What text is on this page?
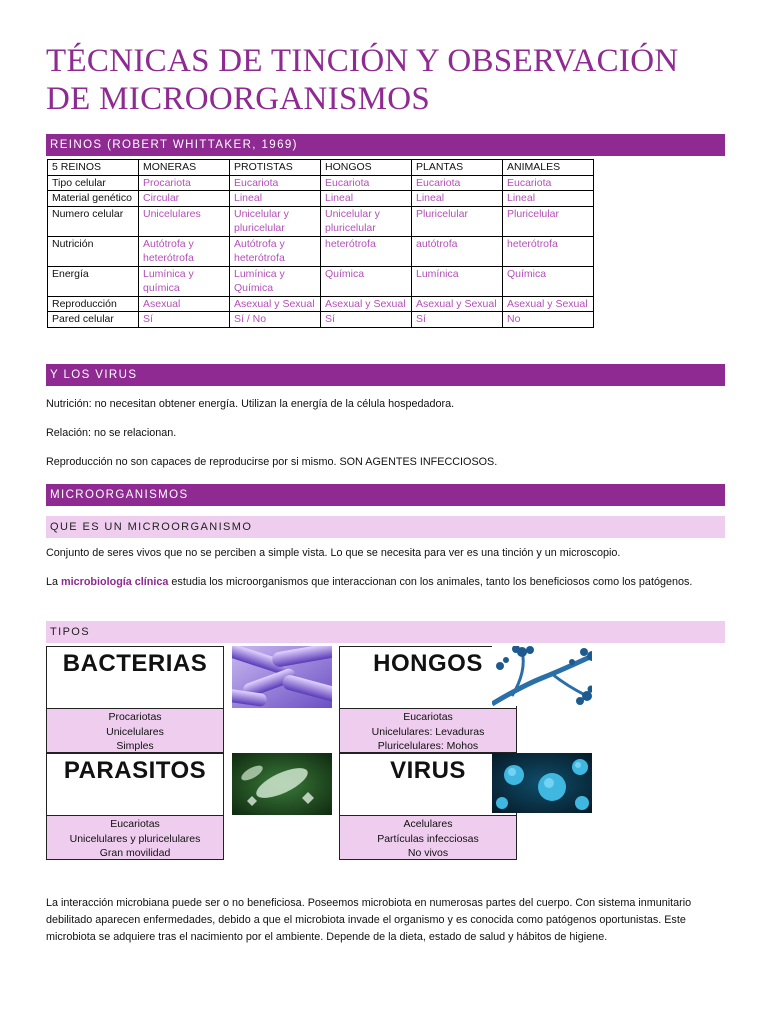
TÉCNICAS DE TINCIÓN Y OBSERVACIÓN
DE MICROORGANISMOS
REINOS (ROBERT WHITTAKER, 1969)
5 REINOS	MONERAS	PROTISTAS	HONGOS	PLANTAS	ANIMALES
Tipo celular	Procariota	Eucariota	Eucariota	Eucariota	Eucariota
Material genético	Circular	Lineal	Lineal	Lineal	Lineal
Numero celular	Unicelulares	Unicelular y pluricelular	Unicelular y pluricelular	Pluricelular	Pluricelular
Nutrición	Autótrofa y heterótrofa	Autótrofa y heterótrofa	heterótrofa	autótrofa	heterótrofa
Energía	Lumínica y química	Lumínica y Química	Química	Lumínica	Química
Reproducción	Asexual	Asexual y Sexual	Asexual y Sexual	Asexual y Sexual	Asexual y Sexual
Pared celular	Sí	Sí / No	Sí	Sí	No
Y LOS VIRUS
Nutrición: no necesitan obtener energía. Utilizan la energía de la célula hospedadora.
Relación: no se relacionan.
Reproducción no son capaces de reproducirse por si mismo. SON AGENTES INFECCIOSOS.
MICROORGANISMOS
QUE ES UN MICROORGANISMO
Conjunto de seres vivos que no se perciben a simple vista. Lo que se necesita para ver es una tinción y un microscopio.
La microbiología clínica estudia los microorganismos que interaccionan con los animales, tanto los beneficiosos como los patógenos.
TIPOS
BACTERIAS
Procariotas
Unicelulares
Simples
HONGOS
Eucariotas
Unicelulares: Levaduras
Pluricelulares: Mohos
PARASITOS
Eucariotas
Unicelulares y pluricelulares
Gran movilidad
VIRUS
Acelulares
Partículas infecciosas
No vivos
La interacción microbiana puede ser o no beneficiosa. Poseemos microbiota en numerosas partes del cuerpo. Con sistema inmunitario debilitado aparecen enfermedades, debido a que el microbiota invade el organismo y es conocida como patógenos oportunistas. Este microbiota se adquiere tras el nacimiento por el ambiente. Depende de la dieta, estado de salud y hábitos de higiene.
